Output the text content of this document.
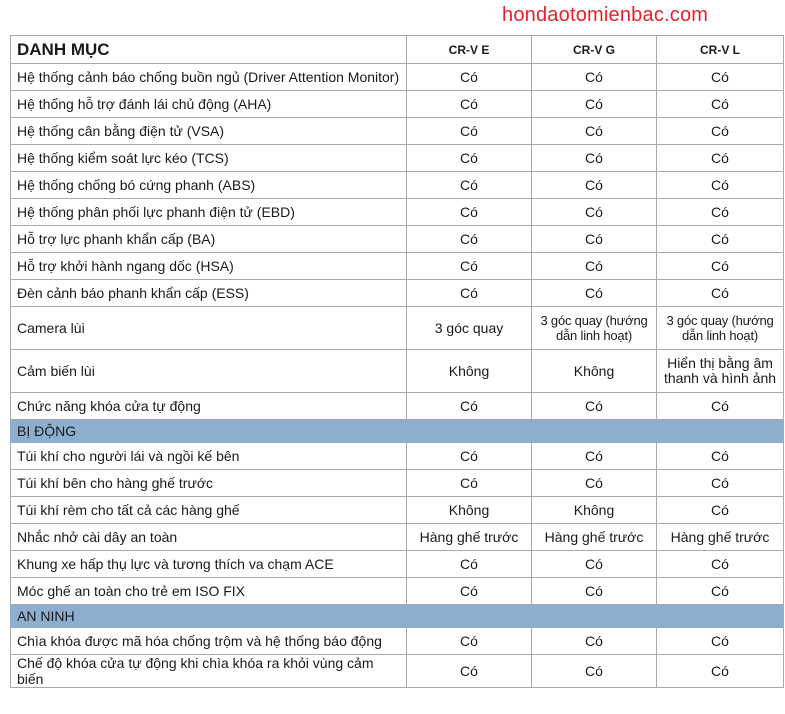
hondaotomienbac.com
DANH MỤC	CR-V E	CR-V G	CR-V L
Hệ thống cảnh báo chống buồn ngủ (Driver Attention Monitor)	Có	Có	Có
Hệ thống hỗ trợ đánh lái chủ động (AHA)	Có	Có	Có
Hệ thống cân bằng điện tử (VSA)	Có	Có	Có
Hệ thống kiểm soát lực kéo (TCS)	Có	Có	Có
Hệ thống chống bó cứng phanh (ABS)	Có	Có	Có
Hệ thống phân phối lực phanh điện tử (EBD)	Có	Có	Có
Hỗ trợ lực phanh khẩn cấp (BA)	Có	Có	Có
Hỗ trợ khởi hành ngang dốc (HSA)	Có	Có	Có
Đèn cảnh báo phanh khẩn cấp (ESS)	Có	Có	Có
Camera lùi	3 góc quay	3 góc quay (hướng dẫn linh hoạt)	3 góc quay (hướng dẫn linh hoạt)
Cảm biến lùi	Không	Không	Hiển thị bằng âm thanh và hình ảnh
Chức năng khóa cửa tự động	Có	Có	Có
BỊ ĐỘNG			
Túi khí cho người lái và ngồi kế bên	Có	Có	Có
Túi khí bên cho hàng ghế trước	Có	Có	Có
Túi khí rèm cho tất cả các hàng ghế	Không	Không	Có
Nhắc nhở cài dây an toàn	Hàng ghế trước	Hàng ghế trước	Hàng ghế trước
Khung xe hấp thụ lực và tương thích va chạm ACE	Có	Có	Có
Móc ghế an toàn cho trẻ em ISO FIX	Có	Có	Có
AN NINH			
Chìa khóa được mã hóa chống trộm và hệ thống báo động	Có	Có	Có
Chế độ khóa cửa tự động khi chìa khóa ra khỏi vùng cảm biến	Có	Có	Có
